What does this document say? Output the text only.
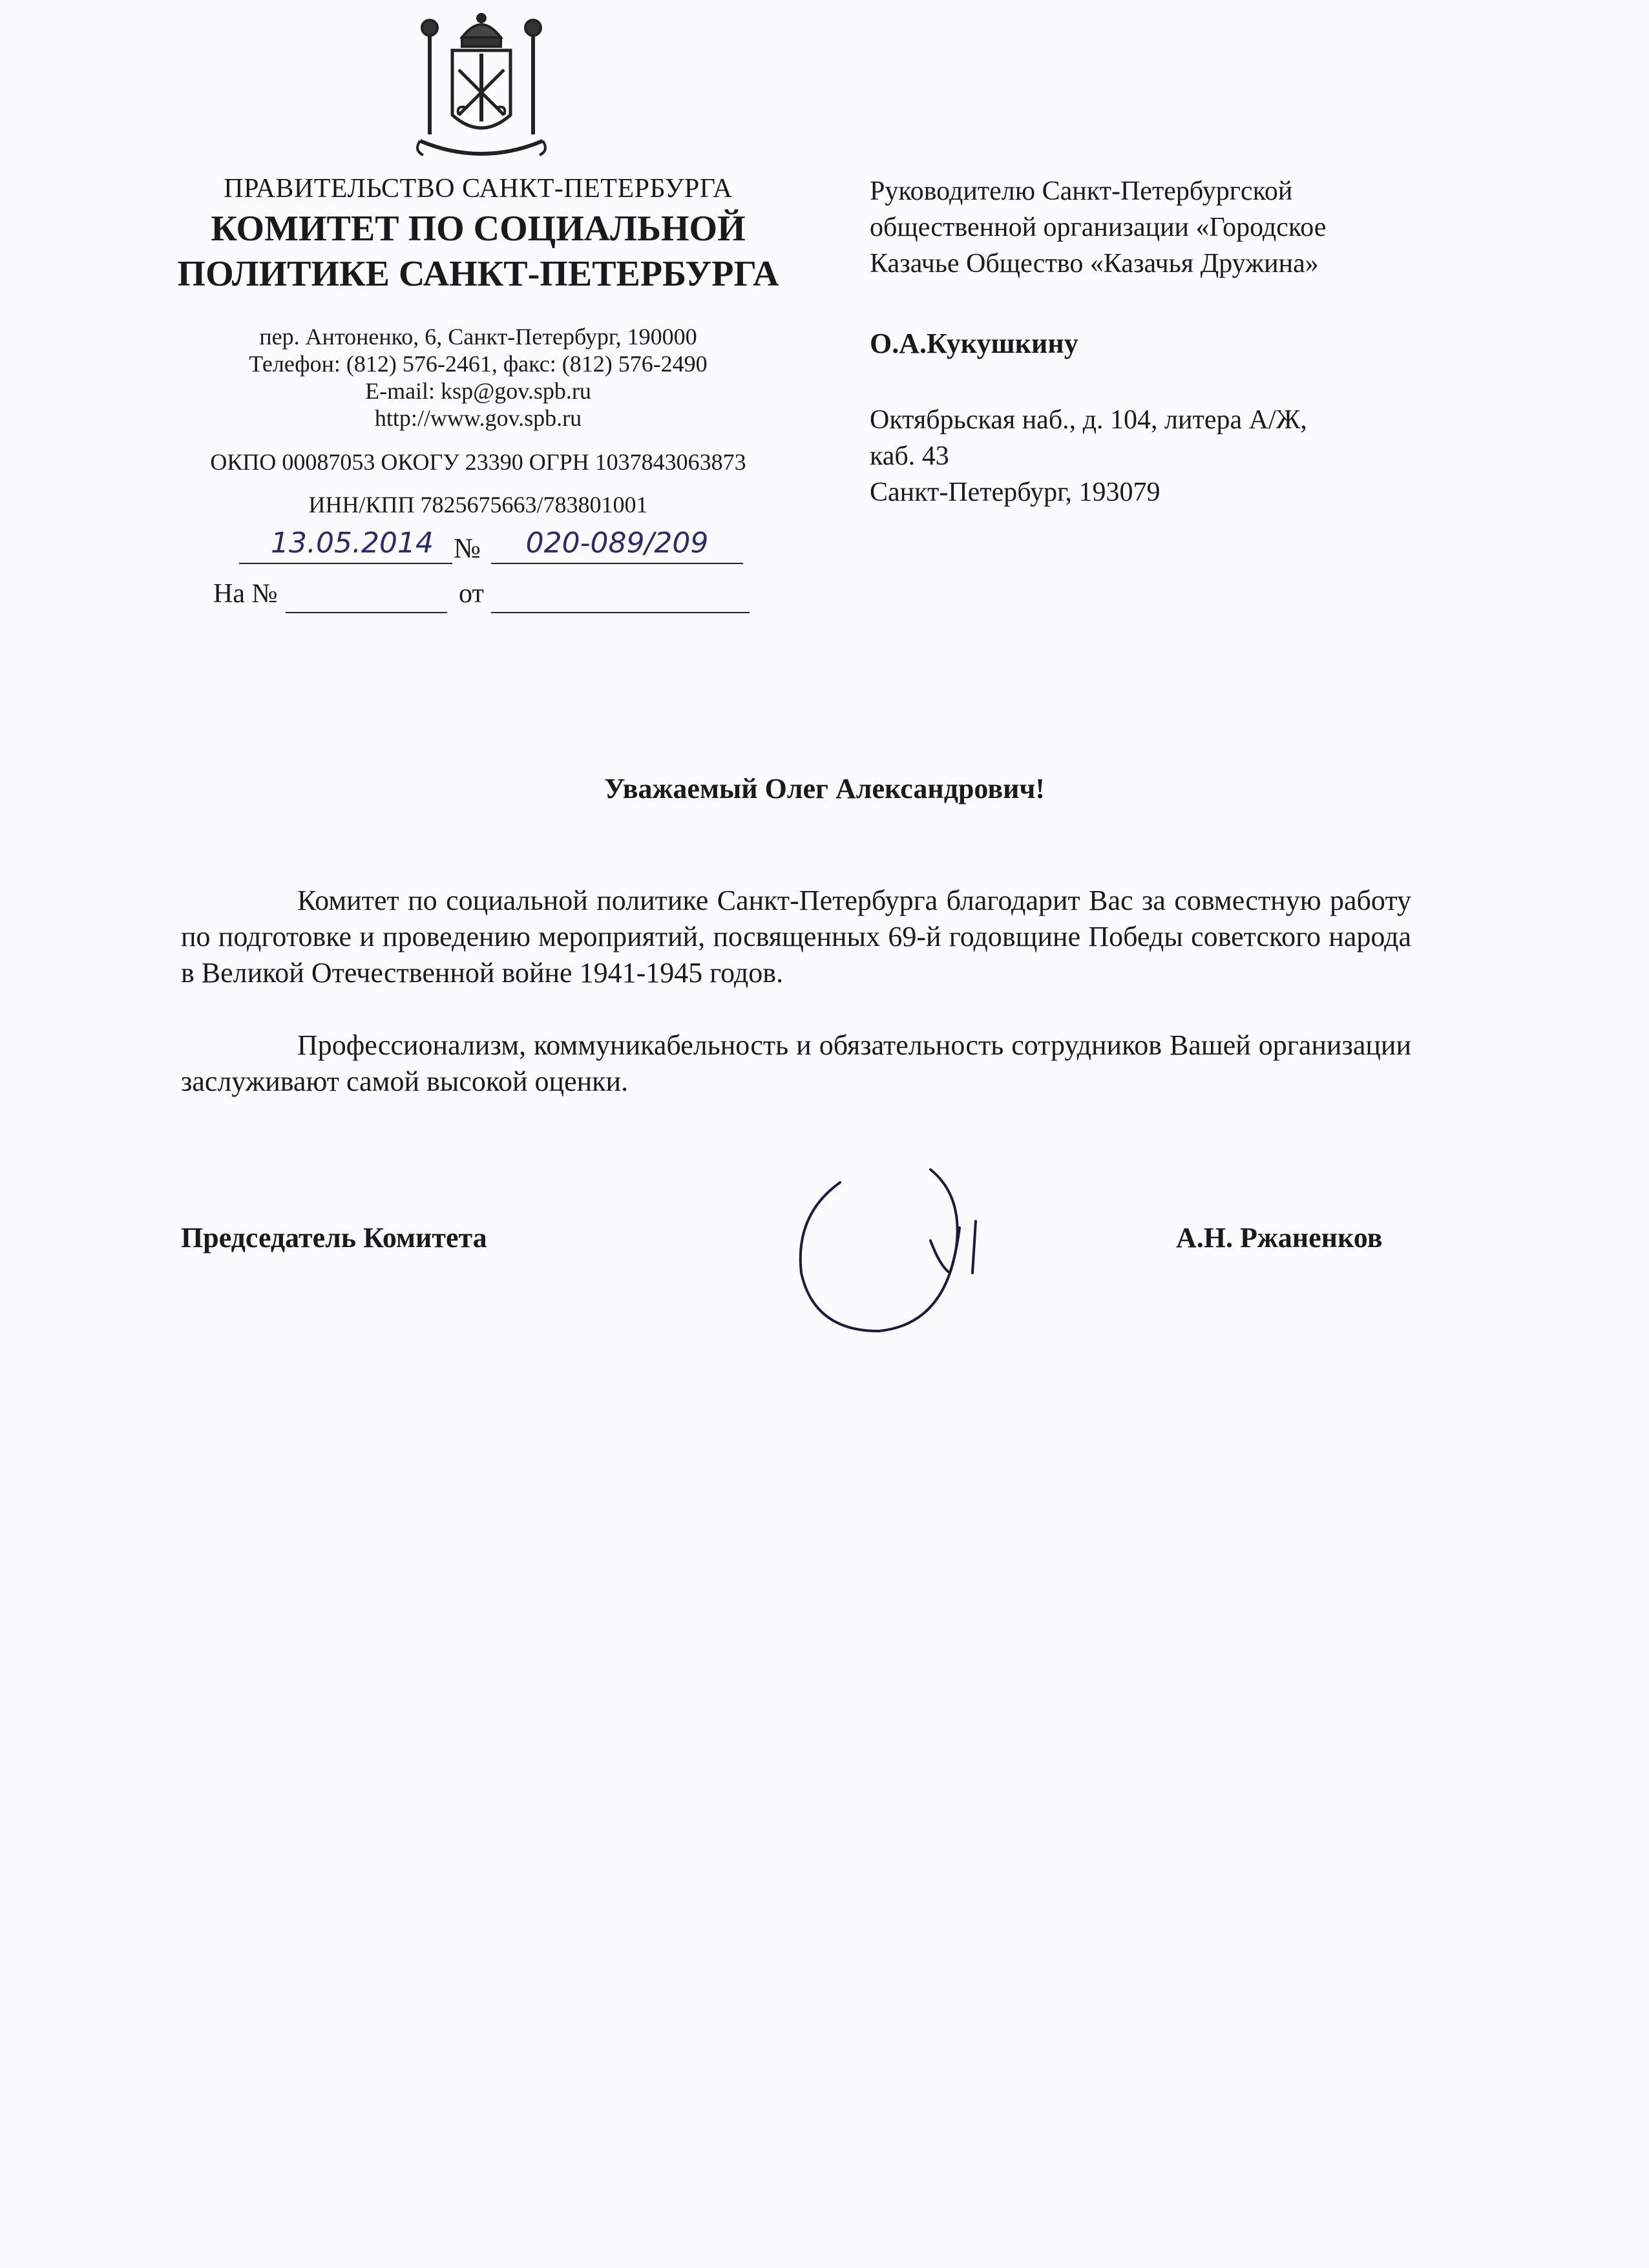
ПРАВИТЕЛЬСТВО САНКТ-ПЕТЕРБУРГА
КОМИТЕТ ПО СОЦИАЛЬНОЙ
ПОЛИТИКЕ САНКТ-ПЕТЕРБУРГА
пер. Антоненко, 6, Санкт-Петербург, 190000
Телефон: (812) 576-2461, факс: (812) 576-2490
E-mail: ksp@gov.spb.ru
http://www.gov.spb.ru
ОКПО 00087053 ОКОГУ 23390 ОГРН 1037843063873
ИНН/КПП 7825675663/783801001
13.05.2014 №	020-089/209
На №	от
Руководителю Санкт-Петербургской
общественной организации «Городское
Казачье Общество «Казачья Дружина»
О.А.Кукушкину
Октябрьская наб., д. 104, литера А/Ж,
каб. 43
Санкт-Петербург, 193079
Уважаемый Олег Александрович!
Комитет по социальной политике Санкт-Петербурга благодарит Вас за совместную работу по подготовке и проведению мероприятий, посвященных 69-й годовщине Победы советского народа в Великой Отечественной войне 1941-1945 годов.
Профессионализм, коммуникабельность и обязательность сотрудников Вашей организации заслуживают самой высокой оценки.
Председатель Комитета	А.Н. Ржаненков
